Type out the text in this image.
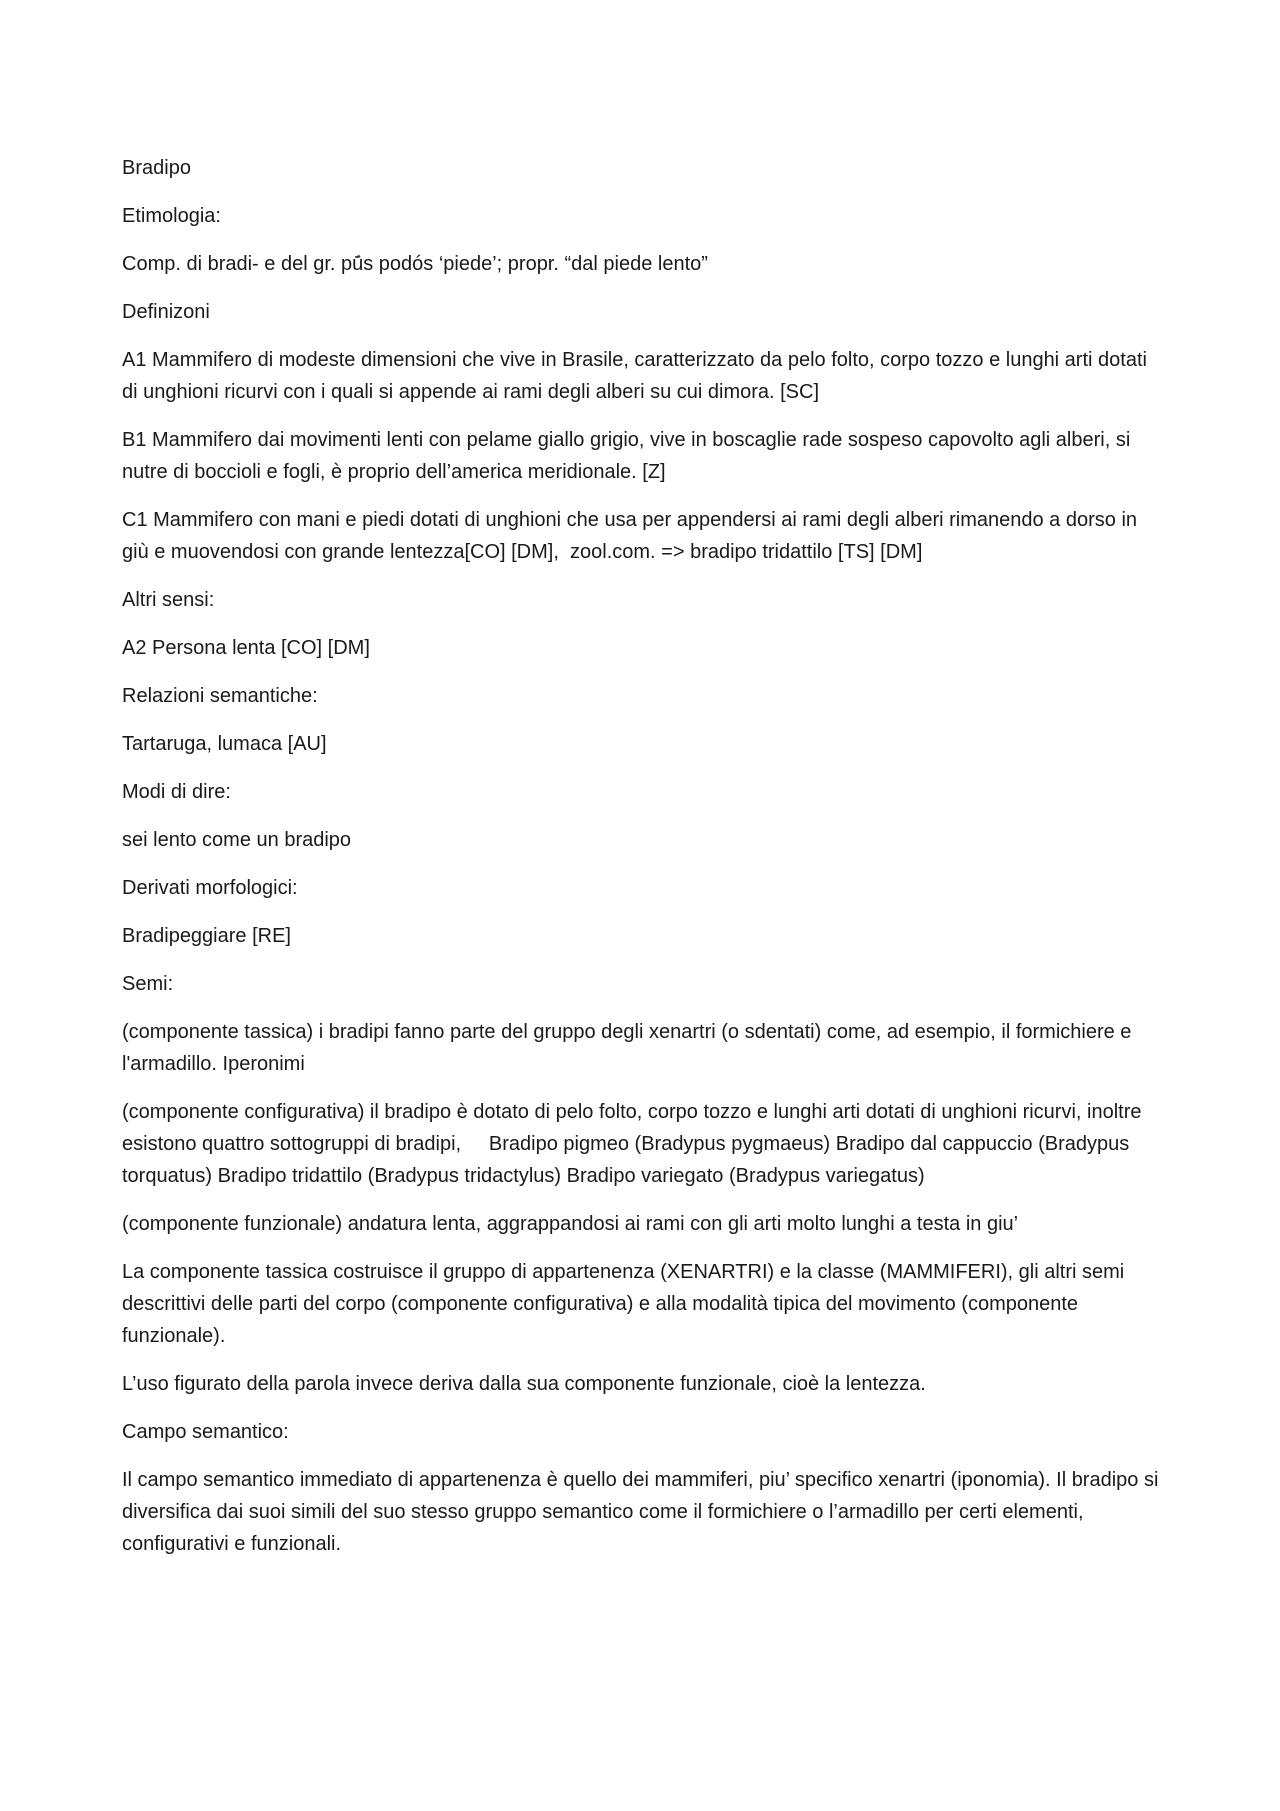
Bradipo

Etimologia:

Comp. di bradi- e del gr. pū́s podós ‘piede’; propr. “dal piede lento”

Definizoni

A1 Mammifero di modeste dimensioni che vive in Brasile, caratterizzato da pelo folto, corpo tozzo e lunghi arti dotati di unghioni ricurvi con i quali si appende ai rami degli alberi su cui dimora. [SC]

B1 Mammifero dai movimenti lenti con pelame giallo grigio, vive in boscaglie rade sospeso capovolto agli alberi, si nutre di boccioli e fogli, è proprio dell’america meridionale. [Z]

C1 Mammifero con mani e piedi dotati di unghioni che usa per appendersi ai rami degli alberi rimanendo a dorso in giù e muovendosi con grande lentezza[CO] [DM],  zool.com. => bradipo tridattilo [TS] [DM]

Altri sensi:

A2 Persona lenta [CO] [DM]

Relazioni semantiche:

Tartaruga, lumaca [AU]

Modi di dire:

sei lento come un bradipo

Derivati morfologici:

Bradipeggiare [RE]

Semi:

(componente tassica) i bradipi fanno parte del gruppo degli xenartri (o sdentati) come, ad esempio, il formichiere e l'armadillo. Iperonimi

(componente configurativa) il bradipo è dotato di pelo folto, corpo tozzo e lunghi arti dotati di unghioni ricurvi, inoltre esistono quattro sottogruppi di bradipi,     Bradipo pigmeo (Bradypus pygmaeus) Bradipo dal cappuccio (Bradypus torquatus) Bradipo tridattilo (Bradypus tridactylus) Bradipo variegato (Bradypus variegatus)

(componente funzionale) andatura lenta, aggrappandosi ai rami con gli arti molto lunghi a testa in giu’

La componente tassica costruisce il gruppo di appartenenza (XENARTRI) e la classe (MAMMIFERI), gli altri semi descrittivi delle parti del corpo (componente configurativa) e alla modalità tipica del movimento (componente funzionale).

L’uso figurato della parola invece deriva dalla sua componente funzionale, cioè la lentezza.

Campo semantico:

Il campo semantico immediato di appartenenza è quello dei mammiferi, piu’ specifico xenartri (iponomia). Il bradipo si diversifica dai suoi simili del suo stesso gruppo semantico come il formichiere o l’armadillo per certi elementi, configurativi e funzionali.
